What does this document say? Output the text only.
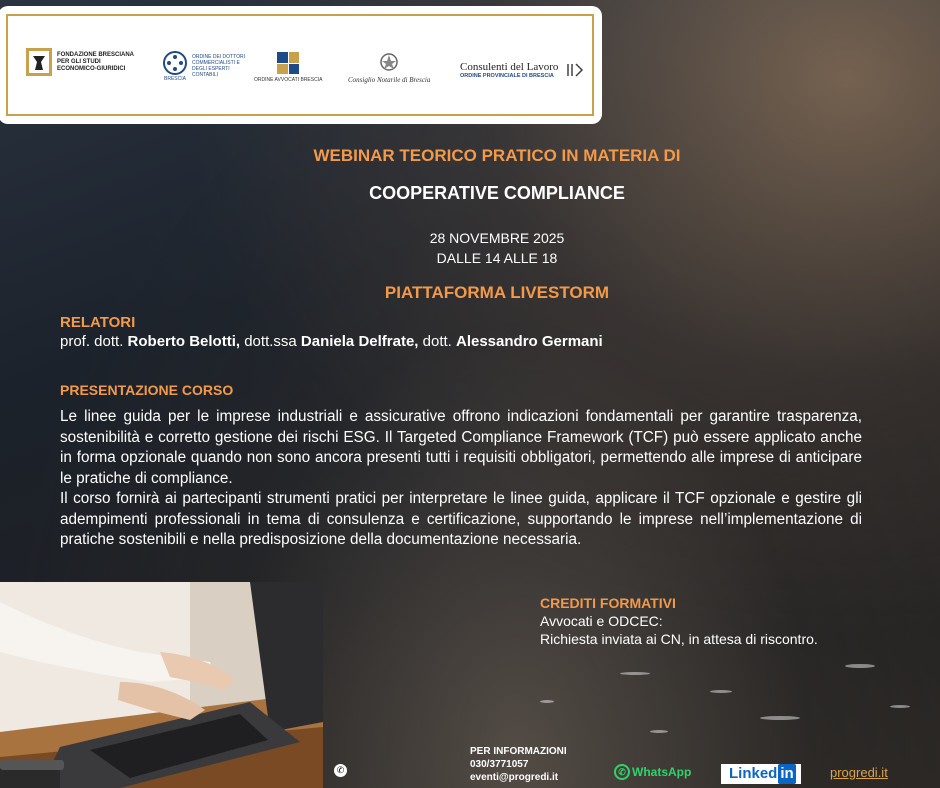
FONDAZIONE BRESCIANA PER GLI STUDI ECONOMICO-GIURIDICI
BRESCIA
ORDINE DEI DOTTORI COMMERCIALISTI E DEGLI ESPERTI CONTABILI
ORDINE AVVOCATI BRESCIA	Consiglio Notarile di Brescia
Consulenti del Lavoro
ORDINE PROVINCIALE DI BRESCIA
WEBINAR TEORICO PRATICO IN MATERIA DI
COOPERATIVE COMPLIANCE
28 NOVEMBRE 2025
DALLE 14 ALLE 18
PIATTAFORMA LIVESTORM
RELATORI
prof. dott. Roberto Belotti, dott.ssa Daniela Delfrate, dott. Alessandro Germani
PRESENTAZIONE CORSO

Le linee guida per le imprese industriali e assicurative offrono indicazioni fondamentali per garantire trasparenza, sostenibilità e corretto gestione dei rischi ESG. Il Targeted Compliance Framework (TCF) può essere applicato anche in forma opzionale quando non sono ancora presenti tutti i requisiti obbligatori, permettendo alle imprese di anticipare le pratiche di compliance.

Il corso fornirà ai partecipanti strumenti pratici per interpretare le linee guida, applicare il TCF opzionale e gestire gli adempimenti professionali in tema di consulenza e certificazione, supportando le imprese nell’implementazione di pratiche sostenibili e nella predisposizione della documentazione necessaria.

CREDITI FORMATIVI
Avvocati e ODCEC:
Richiesta inviata ai CN, in attesa di riscontro.
✆
PER INFORMAZIONI
030/3771057
eventi@progredi.it	✆ WhatsApp	Linked in	progredi.it
